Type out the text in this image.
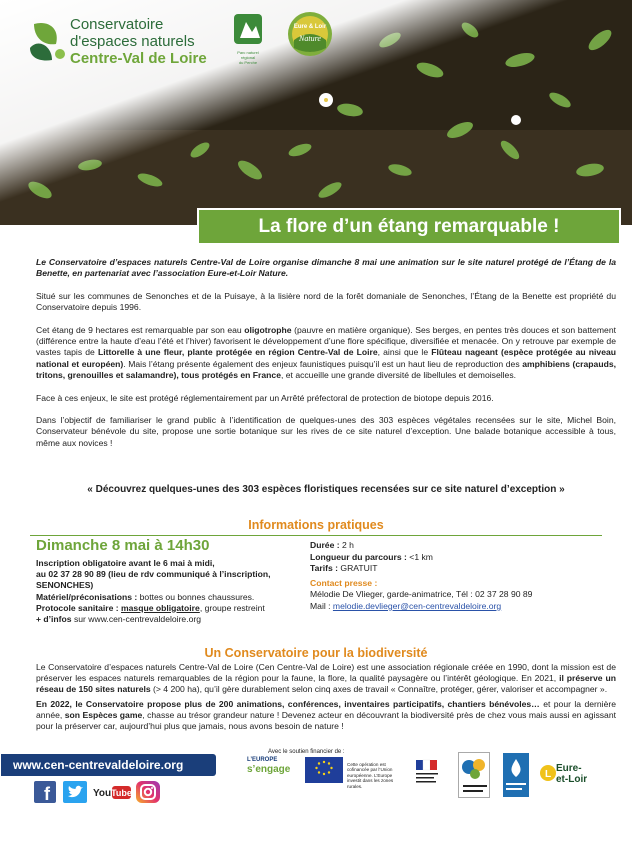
Conservatoire
d'espaces naturels
Centre-Val de Loire	Parc naturel
régional
du Perche
Eure & Loir
Nature
La flore d’un étang remarquable !

Le Conservatoire d’espaces naturels Centre-Val de Loire organise dimanche 8 mai une animation sur le site naturel protégé de l’Étang de la Benette, en partenariat avec l’association Eure-et-Loir Nature.

Situé sur les communes de Senonches et de la Puisaye, à la lisière nord de la forêt domaniale de Senonches, l’Étang de la Benette est propriété du Conservatoire depuis 1996.

Cet étang de 9 hectares est remarquable par son eau oligotrophe (pauvre en matière organique). Ses berges, en pentes très douces et son battement (différence entre la haute d’eau l’été et l’hiver) favorisent le développement d’une flore spécifique, diversifiée et menacée. On y retrouve par exemple de vastes tapis de Littorelle à une fleur, plante protégée en région Centre-Val de Loire, ainsi que le Flûteau nageant (espèce protégée au niveau national et européen). Mais l’étang présente également des enjeux faunistiques puisqu’il est un haut lieu de reproduction des amphibiens (crapauds, tritons, grenouilles et salamandre), tous protégés en France, et accueille une grande diversité de libellules et demoiselles.

Face à ces enjeux, le site est protégé réglementairement par un Arrêté préfectoral de protection de biotope depuis 2016.

Dans l’objectif de familiariser le grand public à l’identification de quelques-unes des 303 espèces végétales recensées sur le site, Michel Boin, Conservateur bénévole du site, propose une sortie botanique sur les rives de ce site naturel d’exception. Une balade botanique accessible à tous, même aux novices !

« Découvrez quelques-unes des 303 espèces floristiques recensées sur ce site naturel d’exception »
Informations pratiques
Dimanche 8 mai à 14h30
Inscription obligatoire avant le 6 mai à midi,
au 02 37 28 90 89 (lieu de rdv communiqué à l’inscription, SENONCHES)
Matériel/préconisations : bottes ou bonnes chaussures.
Protocole sanitaire : masque obligatoire, groupe restreint
+ d’infos sur www.cen-centrevaldeloire.org
Durée : 2 h
Longueur du parcours : <1 km
Tarifs : GRATUIT
Contact presse :
Mélodie De Vlieger, garde-animatrice, Tél : 02 37 28 90 89
Mail : melodie.devlieger@cen-centrevaldeloire.org
Un Conservatoire pour la biodiversité

Le Conservatoire d’espaces naturels Centre-Val de Loire (Cen Centre-Val de Loire) est une association régionale créée en 1990, dont la mission est de préserver les espaces naturels remarquables de la région pour la faune, la flore, la qualité paysagère ou l’intérêt géologique. En 2021, il préserve un réseau de 150 sites naturels (> 4 200 ha), qu’il gère durablement selon cinq axes de travail « Connaître, protéger, gérer, valoriser et accompagner ».

En 2022, le Conservatoire propose plus de 200 animations, conférences, inventaires participatifs, chantiers bénévoles… et pour la dernière année, son Espèces game, chasse au trésor grandeur nature ! Devenez acteur en découvrant la biodiversité près de chez vous mais aussi en agissant pour la préserver car, aujourd’hui plus que jamais, nous avons besoin de nature !

www.cen-centrevaldeloire.org
f	You Tube
Avec le soutien financier de :
L’EUROPE
s’engage	Cette opération est cofinancée par l’Union européenne. L’Europe investit dans les zones rurales.
L
Eure-
et-Loir
